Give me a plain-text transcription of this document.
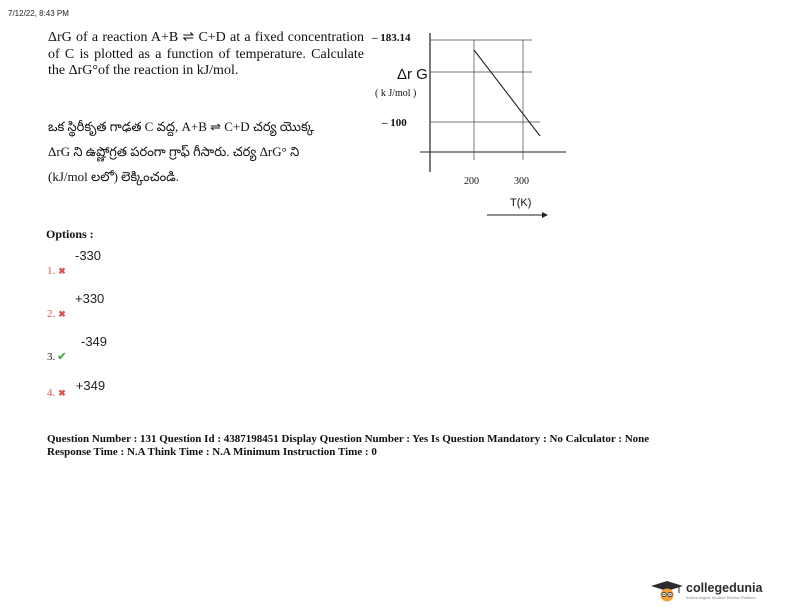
7/12/22, 8:43 PM
ΔrG of a reaction A+B ⇌ C+D at a fixed concentration of C is plotted as a function of temperature. Calculate the ΔrG°of the reaction in kJ/mol.
ఒక స్థిరీకృత గాఢత C వద్ద, A+B ⇌ C+D చర్య యొక్క
ΔrG ని ఉష్ణోగ్రత పరంగా గ్రాఫ్ గీసారు. చర్య ΔrG° ని
(kJ/mol లలో) లెక్కించండి.
– 183.14
Δr G
( k J/mol )
– 100
200	300
T(K)
Options :
-330
1. ✖
+330
2. ✖
-349
3. ✔
$_{4.}$ $_✖$ +349
Question Number : 131 Question Id : 4387198451 Display Question Number : Yes Is Question Mandatory : No Calculator : None
Response Time : N.A Think Time : N.A Minimum Instruction Time : 0
collegedunia
India's largest Student Review Platform
